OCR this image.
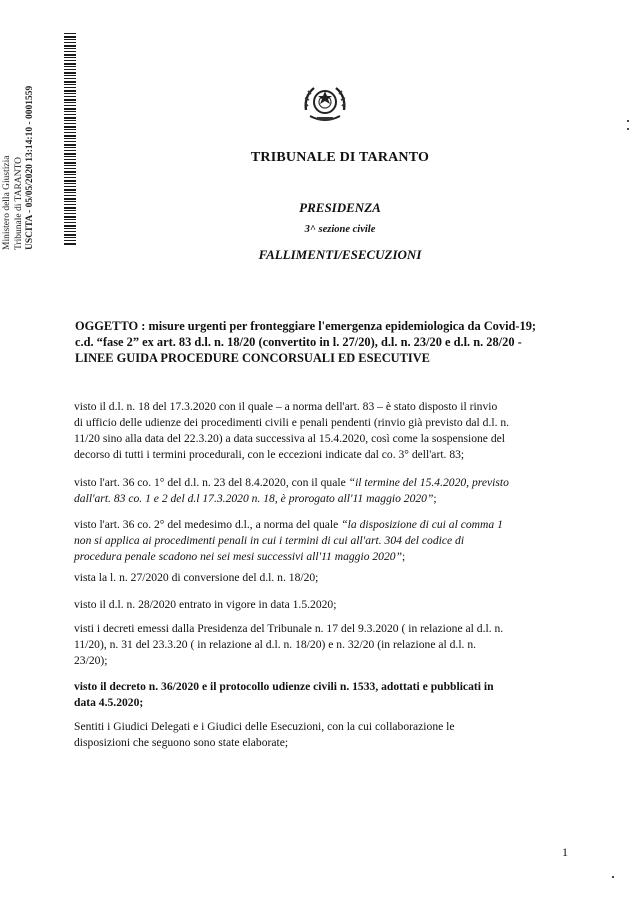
Ministero della Giustizia Tribunale di TARANTO USCITA - 05/05/2020 13:14:10 - 0001559	TRIBUNALE DI TARANTO
PRESIDENZA
3^ sezione civile
FALLIMENTI/ESECUZIONI
OGGETTO : misure urgenti per fronteggiare l'emergenza epidemiologica da Covid-19;
c.d. “fase 2” ex art. 83 d.l. n. 18/20 (convertito in l. 27/20), d.l. n. 23/20 e d.l. n. 28/20 -
LINEE GUIDA PROCEDURE CONCORSUALI ED ESECUTIVE
visto il d.l. n. 18 del 17.3.2020 con il quale – a norma dell'art. 83 – è stato disposto il rinvio
di ufficio delle udienze dei procedimenti civili e penali pendenti (rinvio già previsto dal d.l. n.
11/20 sino alla data del 22.3.20) a data successiva al 15.4.2020, così come la sospensione del
decorso di tutti i termini procedurali, con le eccezioni indicate dal co. 3° dell'art. 83;
visto l'art. 36 co. 1° del d.l. n. 23 del 8.4.2020, con il quale “il termine del 15.4.2020, previsto
dall'art. 83 co. 1 e 2 del d.l 17.3.2020 n. 18, è prorogato all'11 maggio 2020”;
visto l'art. 36 co. 2° del medesimo d.l., a norma del quale “la disposizione di cui al comma 1
non si applica ai procedimenti penali in cui i termini di cui all'art. 304 del codice di
procedura penale scadono nei sei mesi successivi all'11 maggio 2020”;
vista la l. n. 27/2020 di conversione del d.l. n. 18/20;
visto il d.l. n. 28/2020 entrato in vigore in data 1.5.2020;
visti i decreti emessi dalla Presidenza del Tribunale n. 17 del 9.3.2020 ( in relazione al d.l. n.
11/20), n. 31 del 23.3.20 ( in relazione al d.l. n. 18/20) e n. 32/20 (in relazione al d.l. n.
23/20);
visto il decreto n. 36/2020 e il protocollo udienze civili n. 1533, adottati e pubblicati in
data 4.5.2020;
Sentiti i Giudici Delegati e i Giudici delle Esecuzioni, con la cui collaborazione le
disposizioni che seguono sono state elaborate;
1
